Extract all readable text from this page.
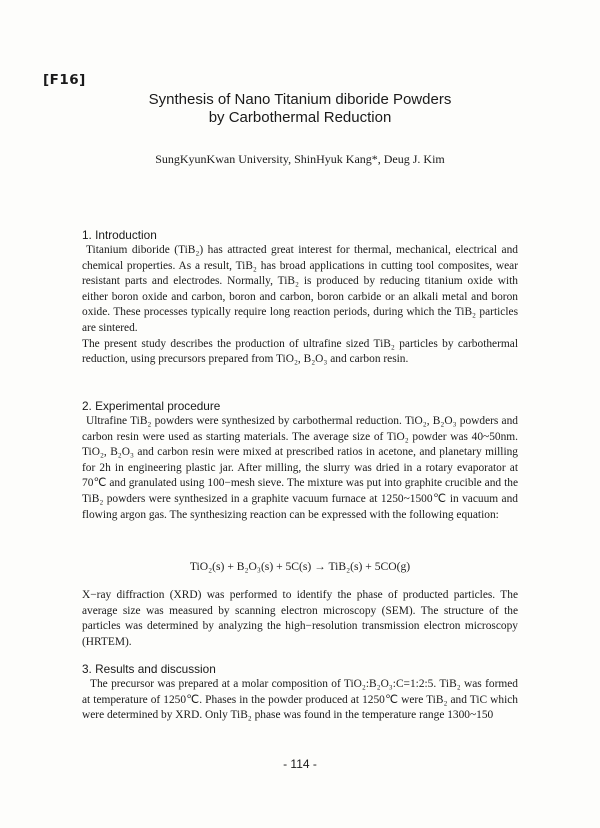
[F16]
Synthesis of Nano Titanium diboride Powders
by Carbothermal Reduction
SungKyunKwan University, ShinHyuk Kang*, Deug J. Kim
1. Introduction

Titanium diboride (TiB₂) has attracted great interest for thermal, mechanical, electrical and chemical properties. As a result, TiB₂ has broad applications in cutting tool composites, wear resistant parts and electrodes. Normally, TiB₂ is produced by reducing titanium oxide with either boron oxide and carbon, boron and carbon, boron carbide or an alkali metal and boron oxide. These processes typically require long reaction periods, during which the TiB₂ particles are sintered.

The present study describes the production of ultrafine sized TiB₂ particles by carbothermal reduction, using precursors prepared from TiO₂, B₂O₃ and carbon resin.

2. Experimental procedure

Ultrafine TiB₂ powders were synthesized by carbothermal reduction. TiO₂, B₂O₃ powders and carbon resin were used as starting materials. The average size of TiO₂ powder was 40~50nm. TiO₂, B₂O₃ and carbon resin were mixed at prescribed ratios in acetone, and planetary milling for 2h in engineering plastic jar. After milling, the slurry was dried in a rotary evaporator at 70℃ and granulated using 100−mesh sieve. The mixture was put into graphite crucible and the TiB₂ powders were synthesized in a graphite vacuum furnace at 1250~1500℃ in vacuum and flowing argon gas. The synthesizing reaction can be expressed with the following equation:

TiO₂(s) + B₂O₃(s) + 5C(s) → TiB₂(s) + 5CO(g)

X−ray diffraction (XRD) was performed to identify the phase of producted particles. The average size was measured by scanning electron microscopy (SEM). The structure of the particles was determined by analyzing the high−resolution transmission electron microscopy (HRTEM).

3. Results and discussion

The precursor was prepared at a molar composition of TiO₂:B₂O₃:C=1:2:5. TiB₂ was formed at temperature of 1250℃. Phases in the powder produced at 1250℃ were TiB₂ and TiC which were determined by XRD. Only TiB₂ phase was found in the temperature range 1300~150

- 114 -
